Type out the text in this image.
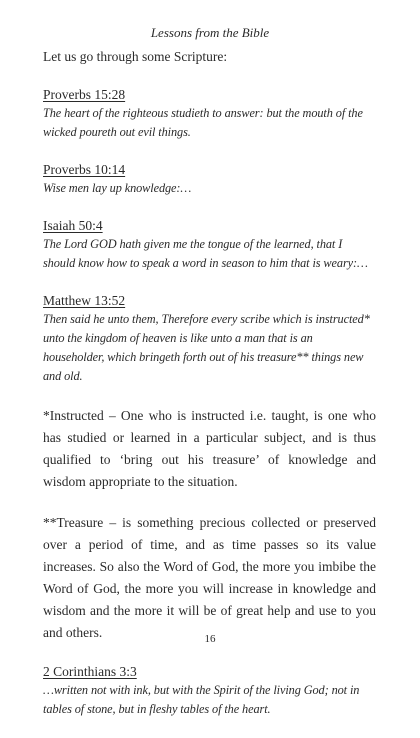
Lessons from the Bible

Let us go through some Scripture:

Proverbs 15:28
The heart of the righteous studieth to answer: but the mouth of the wicked poureth out evil things.
Proverbs 10:14
Wise men lay up knowledge:…
Isaiah 50:4
The Lord GOD hath given me the tongue of the learned, that I should know how to speak a word in season to him that is weary:…
Matthew 13:52
Then said he unto them, Therefore every scribe which is instructed* unto the kingdom of heaven is like unto a man that is an householder, which bringeth forth out of his treasure** things new and old.

*Instructed – One who is instructed i.e. taught, is one who has studied or learned in a particular subject, and is thus qualified to ‘bring out his treasure’ of knowledge and wisdom appropriate to the situation.

**Treasure – is something precious collected or preserved over a period of time, and as time passes so its value increases. So also the Word of God, the more you imbibe the Word of God, the more you will increase in knowledge and wisdom and the more it will be of great help and use to you and others.

2 Corinthians 3:3
…written not with ink, but with the Spirit of the living God; not in tables of stone, but in fleshy tables of the heart.
16
